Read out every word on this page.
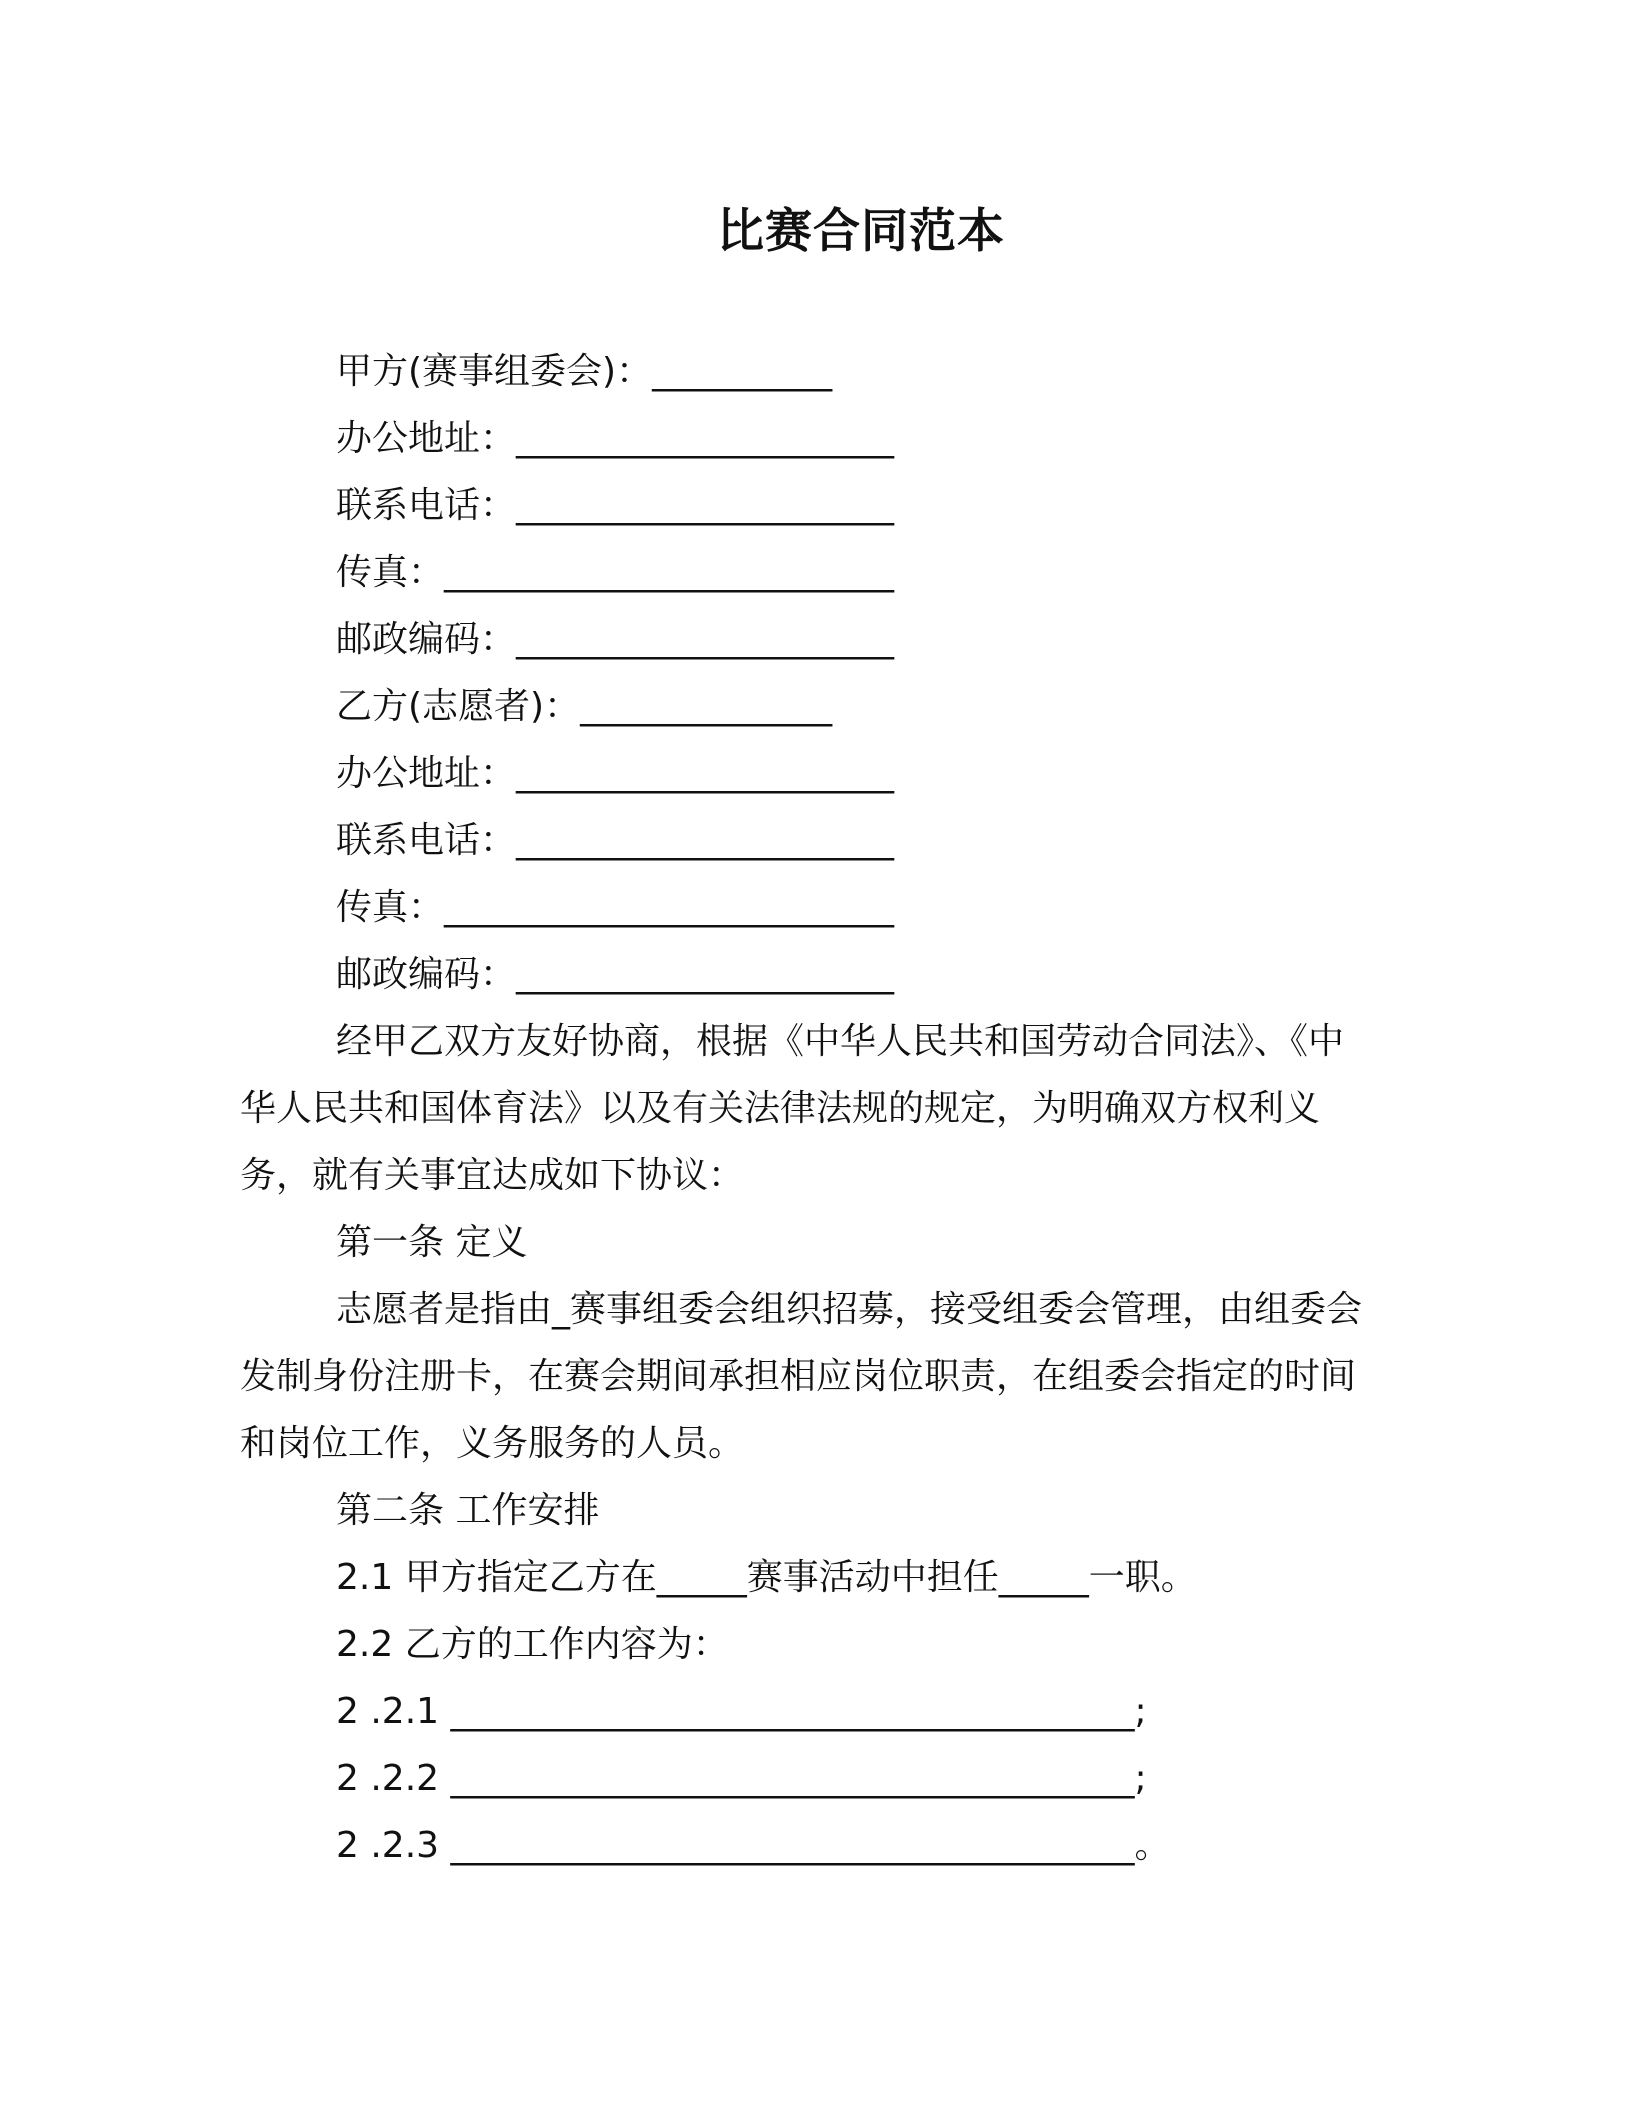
比赛合同范本
甲方(赛事组委会)：__________
办公地址：_____________________
联系电话：_____________________
传真：_________________________
邮政编码：_____________________
乙方(志愿者)：______________
办公地址：_____________________
联系电话：_____________________
传真：_________________________
邮政编码：_____________________

经甲乙双方友好协商，根据《中华人民共和国劳动合同法》、《中华人民共和国体育法》以及有关法律法规的规定，为明确双方权利义务，就有关事宜达成如下协议：

第一条 定义

志愿者是指由_赛事组委会组织招募，接受组委会管理，由组委会发制身份注册卡，在赛会期间承担相应岗位职责，在组委会指定的时间和岗位工作，义务服务的人员。

第二条 工作安排
2.1 甲方指定乙方在_____赛事活动中担任_____一职。
2.2 乙方的工作内容为：
2 .2.1 ______________________________________;
2 .2.2 ______________________________________;
2 .2.3 ______________________________________。
